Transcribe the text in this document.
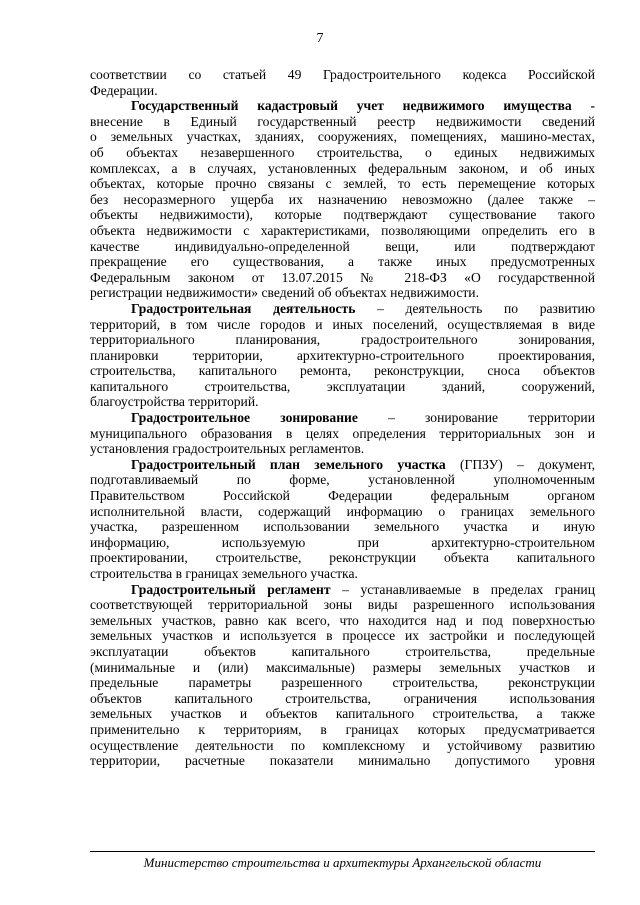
7
соответствии со статьей 49 Градостроительного кодекса Российской
Федерации.
Государственный кадастровый учет недвижимого имущества -
внесение в Единый государственный реестр недвижимости сведений
о земельных участках, зданиях, сооружениях, помещениях, машино-местах,
об объектах незавершенного строительства, о единых недвижимых
комплексах, а в случаях, установленных федеральным законом, и об иных
объектах, которые прочно связаны с землей, то есть перемещение которых
без несоразмерного ущерба их назначению невозможно (далее также –
объекты недвижимости), которые подтверждают существование такого
объекта недвижимости с характеристиками, позволяющими определить его в
качестве индивидуально-определенной вещи, или подтверждают
прекращение его существования, а также иных предусмотренных
Федеральным законом от 13.07.2015 № 218-ФЗ «О государственной
регистрации недвижимости» сведений об объектах недвижимости.
Градостроительная деятельность – деятельность по развитию
территорий, в том числе городов и иных поселений, осуществляемая в виде
территориального планирования, градостроительного зонирования,
планировки территории, архитектурно-строительного проектирования,
строительства, капитального ремонта, реконструкции, сноса объектов
капитального строительства, эксплуатации зданий, сооружений,
благоустройства территорий.
Градостроительное зонирование – зонирование территории
муниципального образования в целях определения территориальных зон и
установления градостроительных регламентов.
Градостроительный план земельного участка (ГПЗУ) – документ,
подготавливаемый по форме, установленной уполномоченным
Правительством Российской Федерации федеральным органом
исполнительной власти, содержащий информацию о границах земельного
участка, разрешенном использовании земельного участка и иную
информацию, используемую при архитектурно-строительном
проектировании, строительстве, реконструкции объекта капитального
строительства в границах земельного участка.
Градостроительный регламент – устанавливаемые в пределах границ
соответствующей территориальной зоны виды разрешенного использования
земельных участков, равно как всего, что находится над и под поверхностью
земельных участков и используется в процессе их застройки и последующей
эксплуатации объектов капитального строительства, предельные
(минимальные и (или) максимальные) размеры земельных участков и
предельные параметры разрешенного строительства, реконструкции
объектов капитального строительства, ограничения использования
земельных участков и объектов капитального строительства, а также
применительно к территориям, в границах которых предусматривается
осуществление деятельности по комплексному и устойчивому развитию
территории, расчетные показатели минимально допустимого уровня
Министерство строительства и архитектуры Архангельской области
